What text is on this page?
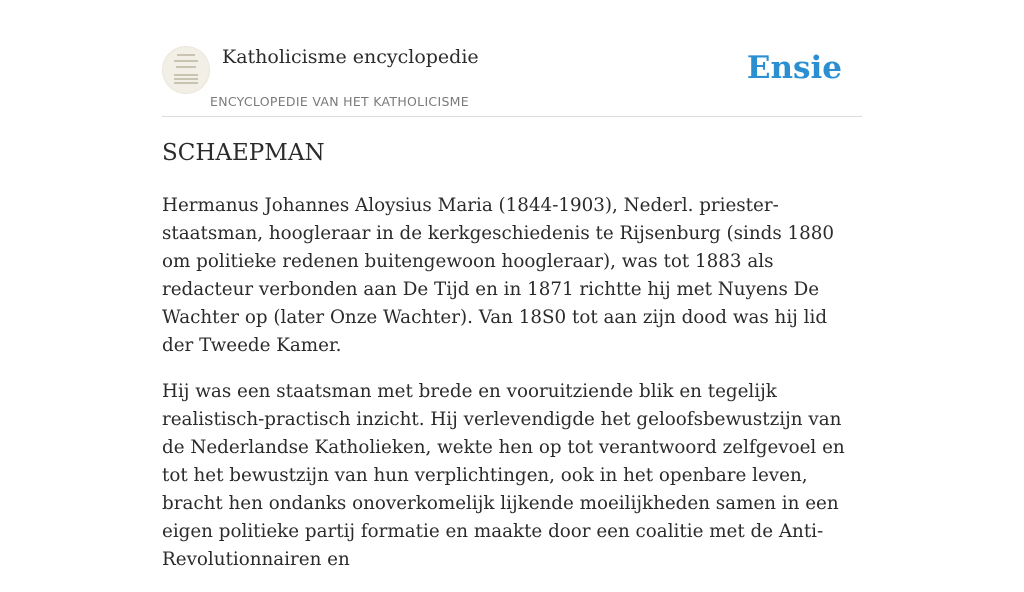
Katholicisme encyclopedie
ENCYCLOPEDIE VAN HET KATHOLICISME
Ensie
SCHAEPMAN

Hermanus Johannes Aloysius Maria (1844-1903), Nederl. priester-staatsman, hoogleraar in de kerkgeschiedenis te Rijsenburg (sinds 1880 om politieke redenen buitengewoon hoogleraar), was tot 1883 als redacteur verbonden aan De Tijd en in 1871 richtte hij met Nuyens De Wachter op (later Onze Wachter). Van 18S0 tot aan zijn dood was hij lid der Tweede Kamer.

Hij was een staatsman met brede en vooruitziende blik en tegelijk realistisch-practisch inzicht. Hij verlevendigde het geloofsbewustzijn van de Nederlandse Katholieken, wekte hen op tot verantwoord zelfgevoel en tot het bewustzijn van hun verplichtingen, ook in het openbare leven, bracht hen ondanks onoverkomelijk lijkende moeilijkheden samen in een eigen politieke partij formatie en maakte door een coalitie met de Anti-Revolutionnairen en
